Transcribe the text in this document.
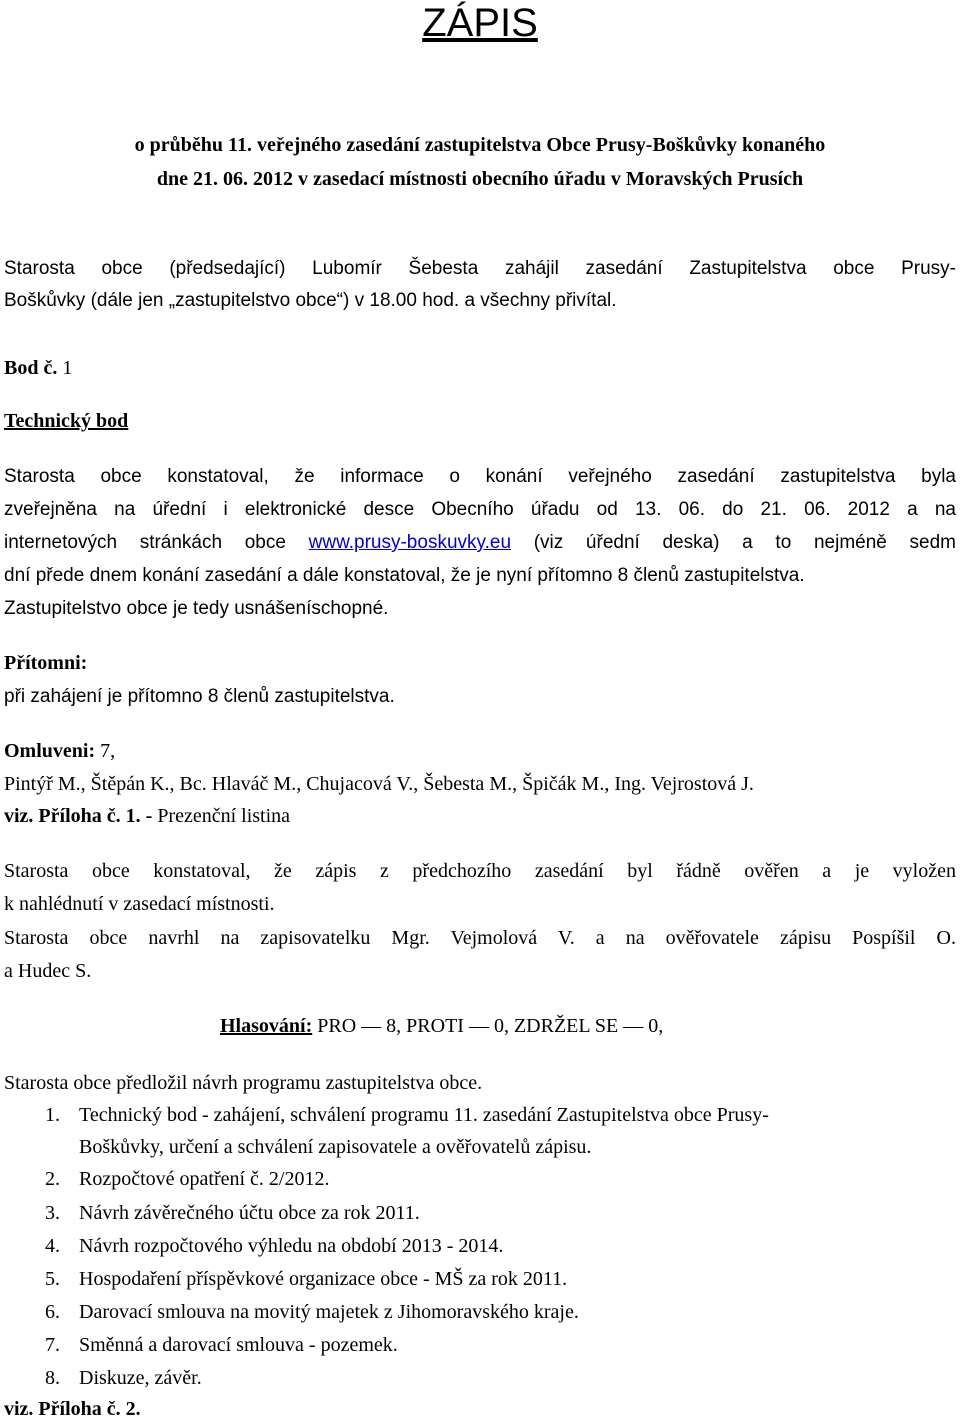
ZÁPIS
o průběhu 11. veřejného zasedání zastupitelstva Obce Prusy-Boškůvky konaného
dne 21. 06. 2012 v zasedací místnosti obecního úřadu v Moravských Prusích
Starosta obce (předsedající) Lubomír Šebesta zahájil zasedání Zastupitelstva obce Prusy-
Boškůvky (dále jen „zastupitelstvo obce“) v 18.00 hod. a všechny přivítal.
Bod č. 1
Technický bod
Starosta obce konstatoval, že informace o konání veřejného zasedání zastupitelstva byla
zveřejněna na úřední i elektronické desce Obecního úřadu od 13. 06. do 21. 06. 2012 a na
internetových stránkách obce www.prusy-boskuvky.eu (viz úřední deska) a to nejméně sedm
dní přede dnem konání zasedání a dále konstatoval, že je nyní přítomno 8 členů zastupitelstva.
Zastupitelstvo obce je tedy usnášeníschopné.
Přítomni:
při zahájení je přítomno 8 členů zastupitelstva.
Omluveni: 7,
Pintýř M., Štěpán K., Bc. Hlaváč M., Chujacová V., Šebesta M., Špičák M., Ing. Vejrostová J.
viz. Příloha č. 1. - Prezenční listina
Starosta obce konstatoval, že zápis z předchozího zasedání byl řádně ověřen a je vyložen
k nahlédnutí v zasedací místnosti.
Starosta obce navrhl na zapisovatelku Mgr. Vejmolová V. a na ověřovatele zápisu Pospíšil O.
a Hudec S.
Hlasování: PRO — 8, PROTI — 0, ZDRŽEL SE — 0,
Starosta obce předložil návrh programu zastupitelstva obce.
1. Technický bod - zahájení, schválení programu 11. zasedání Zastupitelstva obce Prusy-
Boškůvky, určení a schválení zapisovatele a ověřovatelů zápisu.
2. Rozpočtové opatření č. 2/2012.
3. Návrh závěrečného účtu obce za rok 2011.
4. Návrh rozpočtového výhledu na období 2013 - 2014.
5. Hospodaření příspěvkové organizace obce - MŠ za rok 2011.
6. Darovací smlouva na movitý majetek z Jihomoravského kraje.
7. Směnná a darovací smlouva - pozemek.
8. Diskuze, závěr.
viz. Příloha č. 2.
